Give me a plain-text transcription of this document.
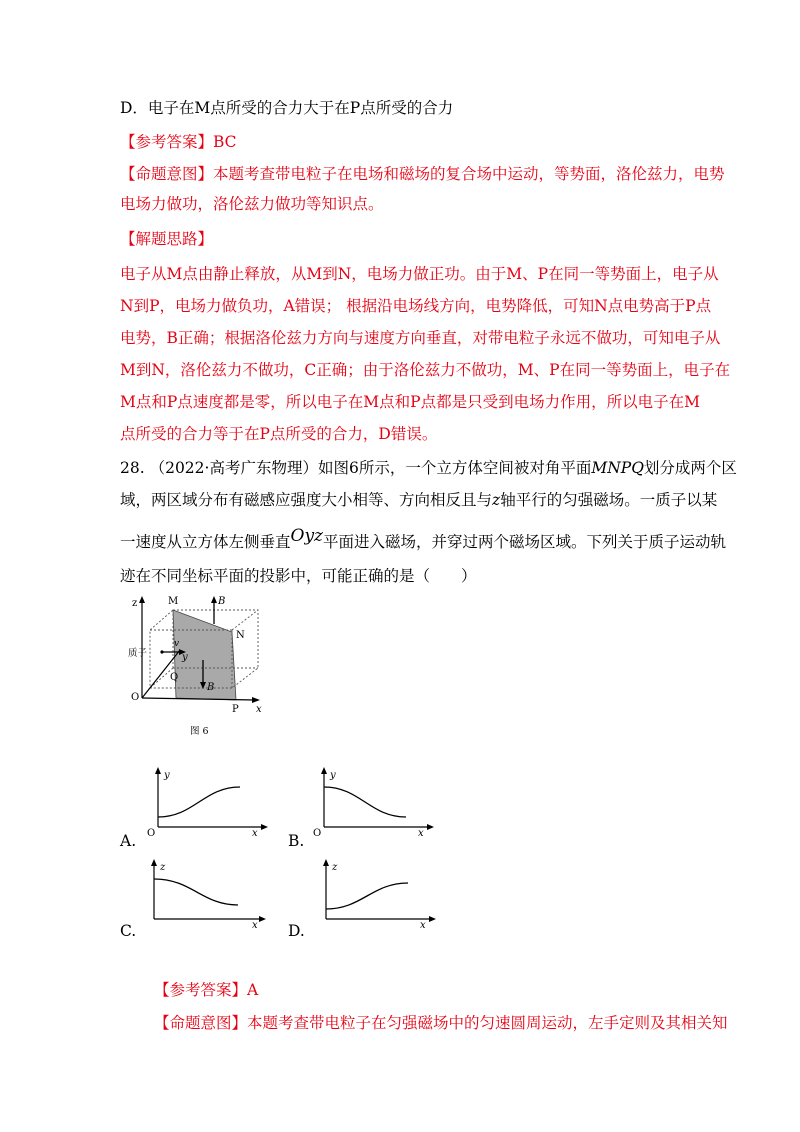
D．电子在M点所受的合力大于在P点所受的合力
【参考答案】BC
【命题意图】本题考查带电粒子在电场和磁场的复合场中运动，等势面，洛伦兹力，电势
电场力做功，洛伦兹力做功等知识点。
【解题思路】
电子从M点由静止释放，从M到N，电场力做正功。由于M、P在同一等势面上，电子从
N到P，电场力做负功，A错误； 根据沿电场线方向，电势降低，可知N点电势高于P点
电势，B正确；根据洛伦兹力方向与速度方向垂直，对带电粒子永远不做功，可知电子从
M到N，洛伦兹力不做功，C正确；由于洛伦兹力不做功，M、P在同一等势面上，电子在
M点和P点速度都是零，所以电子在M点和P点都是只受到电场力作用，所以电子在M
点所受的合力等于在P点所受的合力，D错误。
28. （2022·高考广东物理）如图6所示，一个立方体空间被对角平面MNPQ划分成两个区
域，两区域分布有磁感应强度大小相等、方向相反且与z轴平行的匀强磁场。一质子以某
一速度从立方体左侧垂直Oyz平面进入磁场，并穿过两个磁场区域。下列关于质子运动轨
迹在不同坐标平面的投影中，可能正确的是（　　）
z	M	B
N
质子
v
y
Q
B
O
P x
图 6
A.	B.
C.	D.
y
O	x
y
O	x
z
x
z
x
【参考答案】A
【命题意图】本题考查带电粒子在匀强磁场中的匀速圆周运动，左手定则及其相关知
